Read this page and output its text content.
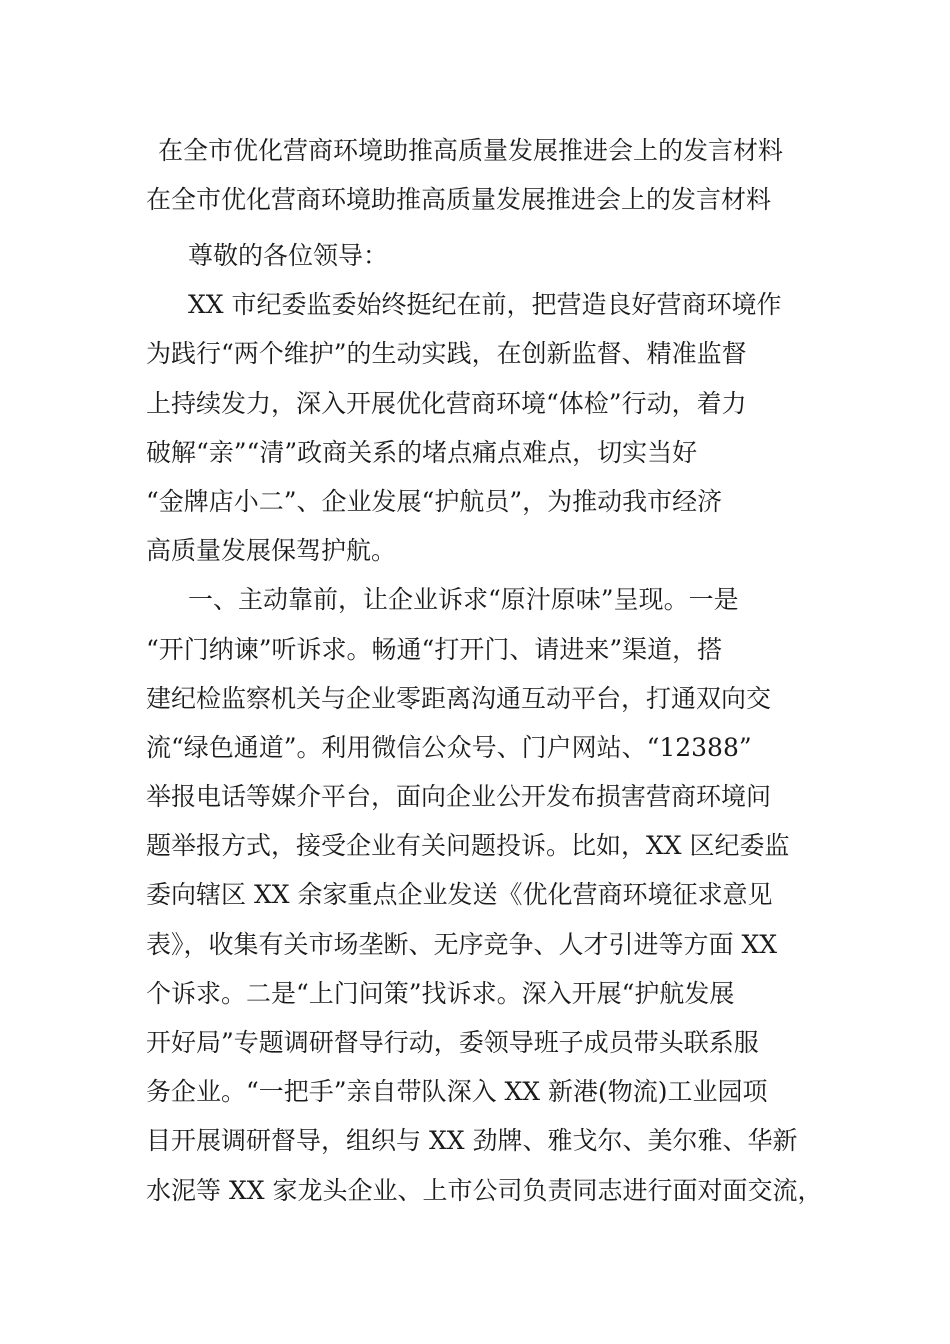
在全市优化营商环境助推高质量发展推进会上的发言材料
在全市优化营商环境助推高质量发展推进会上的发言材料
尊敬的各位领导：
XX 市纪委监委始终挺纪在前，把营造良好营商环境作
为践行“两个维护”的生动实践，在创新监督、精准监督
上持续发力，深入开展优化营商环境“体检”行动，着力
破解“亲”“清”政商关系的堵点痛点难点，切实当好
“金牌店小二”、企业发展“护航员”，为推动我市经济
高质量发展保驾护航。
一、主动靠前，让企业诉求“原汁原味”呈现。一是
“开门纳谏”听诉求。畅通“打开门、请进来”渠道，搭
建纪检监察机关与企业零距离沟通互动平台，打通双向交
流“绿色通道”。利用微信公众号、门户网站、“12388”
举报电话等媒介平台，面向企业公开发布损害营商环境问
题举报方式，接受企业有关问题投诉。比如，XX 区纪委监
委向辖区 XX 余家重点企业发送《优化营商环境征求意见
表》，收集有关市场垄断、无序竞争、人才引进等方面 XX
个诉求。二是“上门问策”找诉求。深入开展“护航发展
开好局”专题调研督导行动，委领导班子成员带头联系服
务企业。“一把手”亲自带队深入 XX 新港(物流)工业园项
目开展调研督导，组织与 XX 劲牌、雅戈尔、美尔雅、华新
水泥等 XX 家龙头企业、上市公司负责同志进行面对面交流，
